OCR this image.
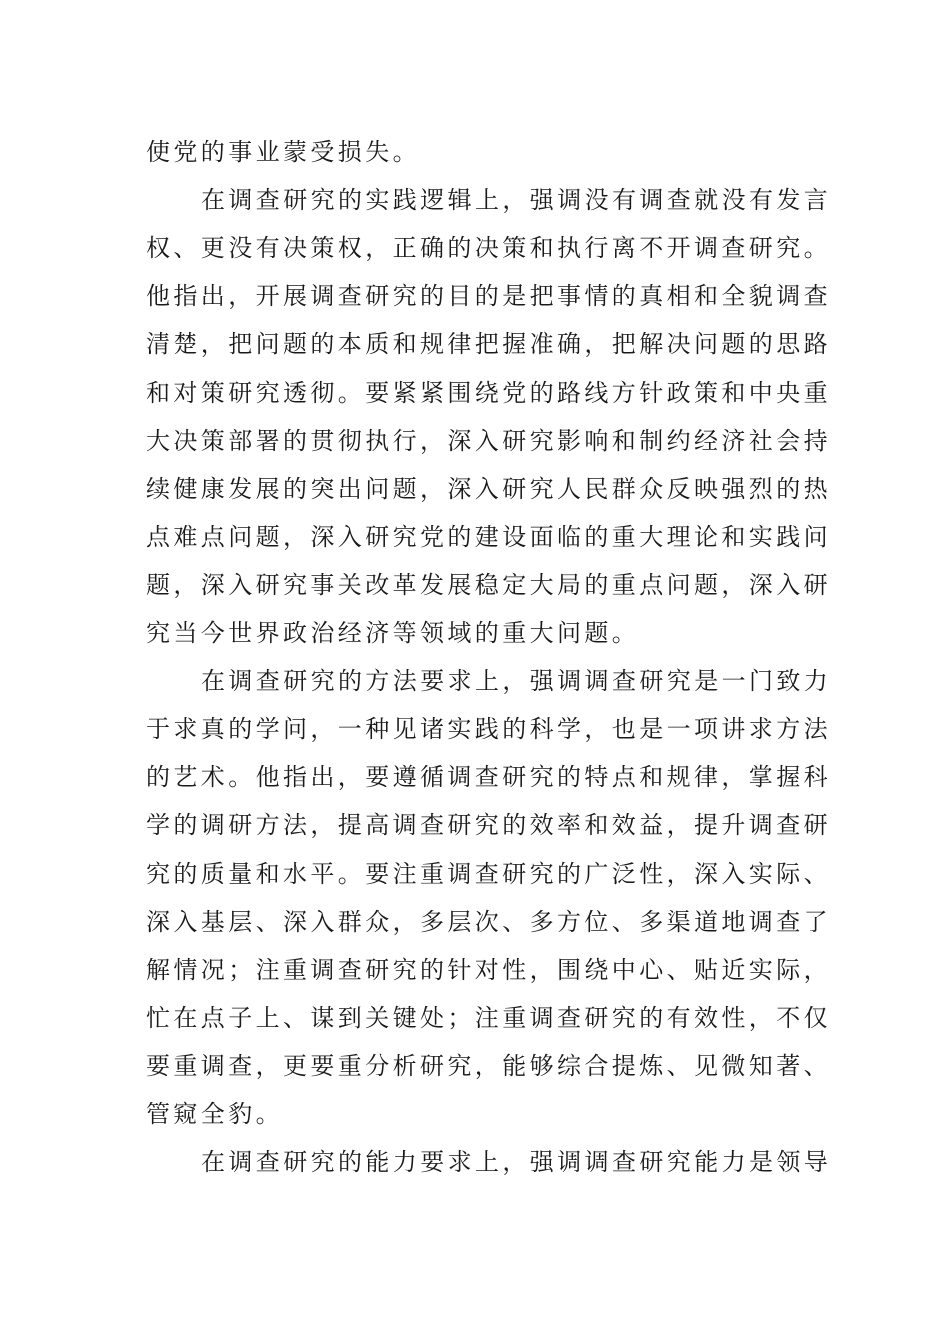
使党的事业蒙受损失。
在调查研究的实践逻辑上，强调没有调查就没有发言
权、更没有决策权，正确的决策和执行离不开调查研究。
他指出，开展调查研究的目的是把事情的真相和全貌调查
清楚，把问题的本质和规律把握准确，把解决问题的思路
和对策研究透彻。要紧紧围绕党的路线方针政策和中央重
大决策部署的贯彻执行，深入研究影响和制约经济社会持
续健康发展的突出问题，深入研究人民群众反映强烈的热
点难点问题，深入研究党的建设面临的重大理论和实践问
题，深入研究事关改革发展稳定大局的重点问题，深入研
究当今世界政治经济等领域的重大问题。
在调查研究的方法要求上，强调调查研究是一门致力
于求真的学问，一种见诸实践的科学，也是一项讲求方法
的艺术。他指出，要遵循调查研究的特点和规律，掌握科
学的调研方法，提高调查研究的效率和效益，提升调查研
究的质量和水平。要注重调查研究的广泛性，深入实际、
深入基层、深入群众，多层次、多方位、多渠道地调查了
解情况；注重调查研究的针对性，围绕中心、贴近实际，
忙在点子上、谋到关键处；注重调查研究的有效性，不仅
要重调查，更要重分析研究，能够综合提炼、见微知著、
管窥全豹。
在调查研究的能力要求上，强调调查研究能力是领导
